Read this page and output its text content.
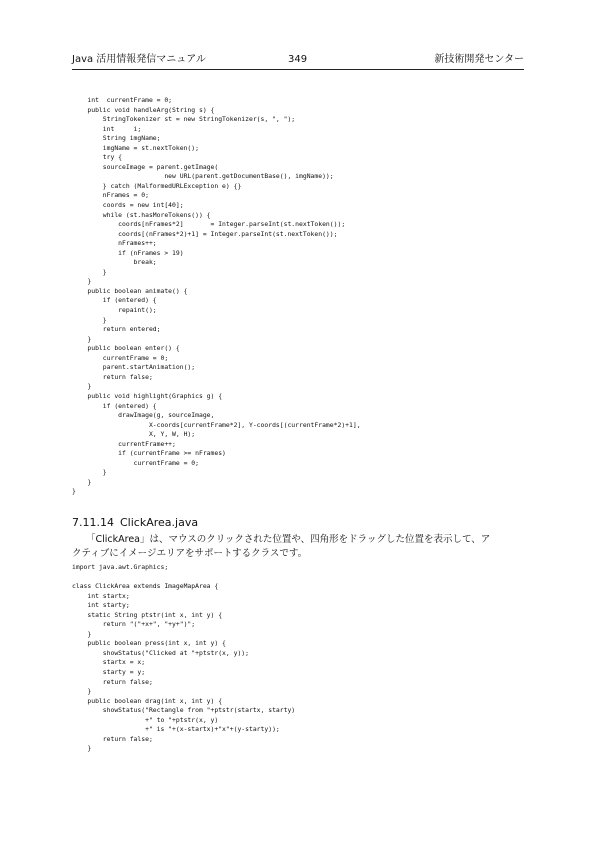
Java 活用情報発信マニュアル	349	新技術開発センター
int  currentFrame = 0;
public void handleArg(String s) {
StringTokenizer st = new StringTokenizer(s, ", ");
int     i;
String imgName;
imgName = st.nextToken();
try {
sourceImage = parent.getImage(
new URL(parent.getDocumentBase(), imgName));
} catch (MalformedURLException e) {}
nFrames = 0;
coords = new int[40];
while (st.hasMoreTokens()) {
coords[nFrames*2]       = Integer.parseInt(st.nextToken());
coords[(nFrames*2)+1] = Integer.parseInt(st.nextToken());
nFrames++;
if (nFrames > 19)
break;
}
}
public boolean animate() {
if (entered) {
repaint();
}
return entered;
}
public boolean enter() {
currentFrame = 0;
parent.startAnimation();
return false;
}
public void highlight(Graphics g) {
if (entered) {
drawImage(g, sourceImage,
X-coords[currentFrame*2], Y-coords[(currentFrame*2)+1],
X, Y, W, H);
currentFrame++;
if (currentFrame >= nFrames)
currentFrame = 0;
}
}
}
7.11.14 ClickArea.java
「ClickArea」は、マウスのクリックされた位置や、四角形をドラッグした位置を表示して、ア
クティブにイメージエリアをサポートするクラスです。
import java.awt.Graphics;

class ClickArea extends ImageMapArea {
int startx;
int starty;
static String ptstr(int x, int y) {
return "("+x+", "+y+")";
}
public boolean press(int x, int y) {
showStatus("Clicked at "+ptstr(x, y));
startx = x;
starty = y;
return false;
}
public boolean drag(int x, int y) {
showStatus("Rectangle from "+ptstr(startx, starty)
+" to "+ptstr(x, y)
+" is "+(x-startx)+"x"+(y-starty));
return false;
}
